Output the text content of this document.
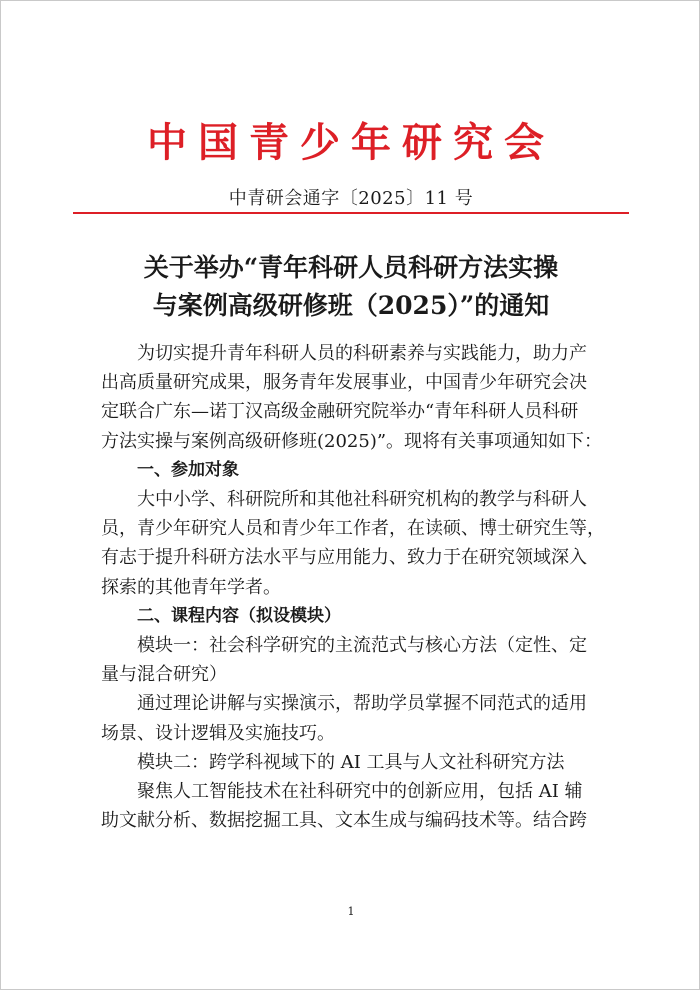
中国青少年研究会
中青研会通字〔2025〕11 号
关于举办“青年科研人员科研方法实操
与案例高级研修班（2025）”的通知

为切实提升青年科研人员的科研素养与实践能力，助力产
出高质量研究成果，服务青年发展事业，中国青少年研究会决
定联合广东—诺丁汉高级金融研究院举办“青年科研人员科研
方法实操与案例高级研修班(2025)”。现将有关事项通知如下：

一、参加对象

大中小学、科研院所和其他社科研究机构的教学与科研人
员，青少年研究人员和青少年工作者，在读硕、博士研究生等，
有志于提升科研方法水平与应用能力、致力于在研究领域深入
探索的其他青年学者。

二、课程内容（拟设模块）

模块一：社会科学研究的主流范式与核心方法（定性、定
量与混合研究）

通过理论讲解与实操演示，帮助学员掌握不同范式的适用
场景、设计逻辑及实施技巧。

模块二：跨学科视域下的 AI 工具与人文社科研究方法

聚焦人工智能技术在社科研究中的创新应用，包括 AI 辅
助文献分析、数据挖掘工具、文本生成与编码技术等。结合跨

1
